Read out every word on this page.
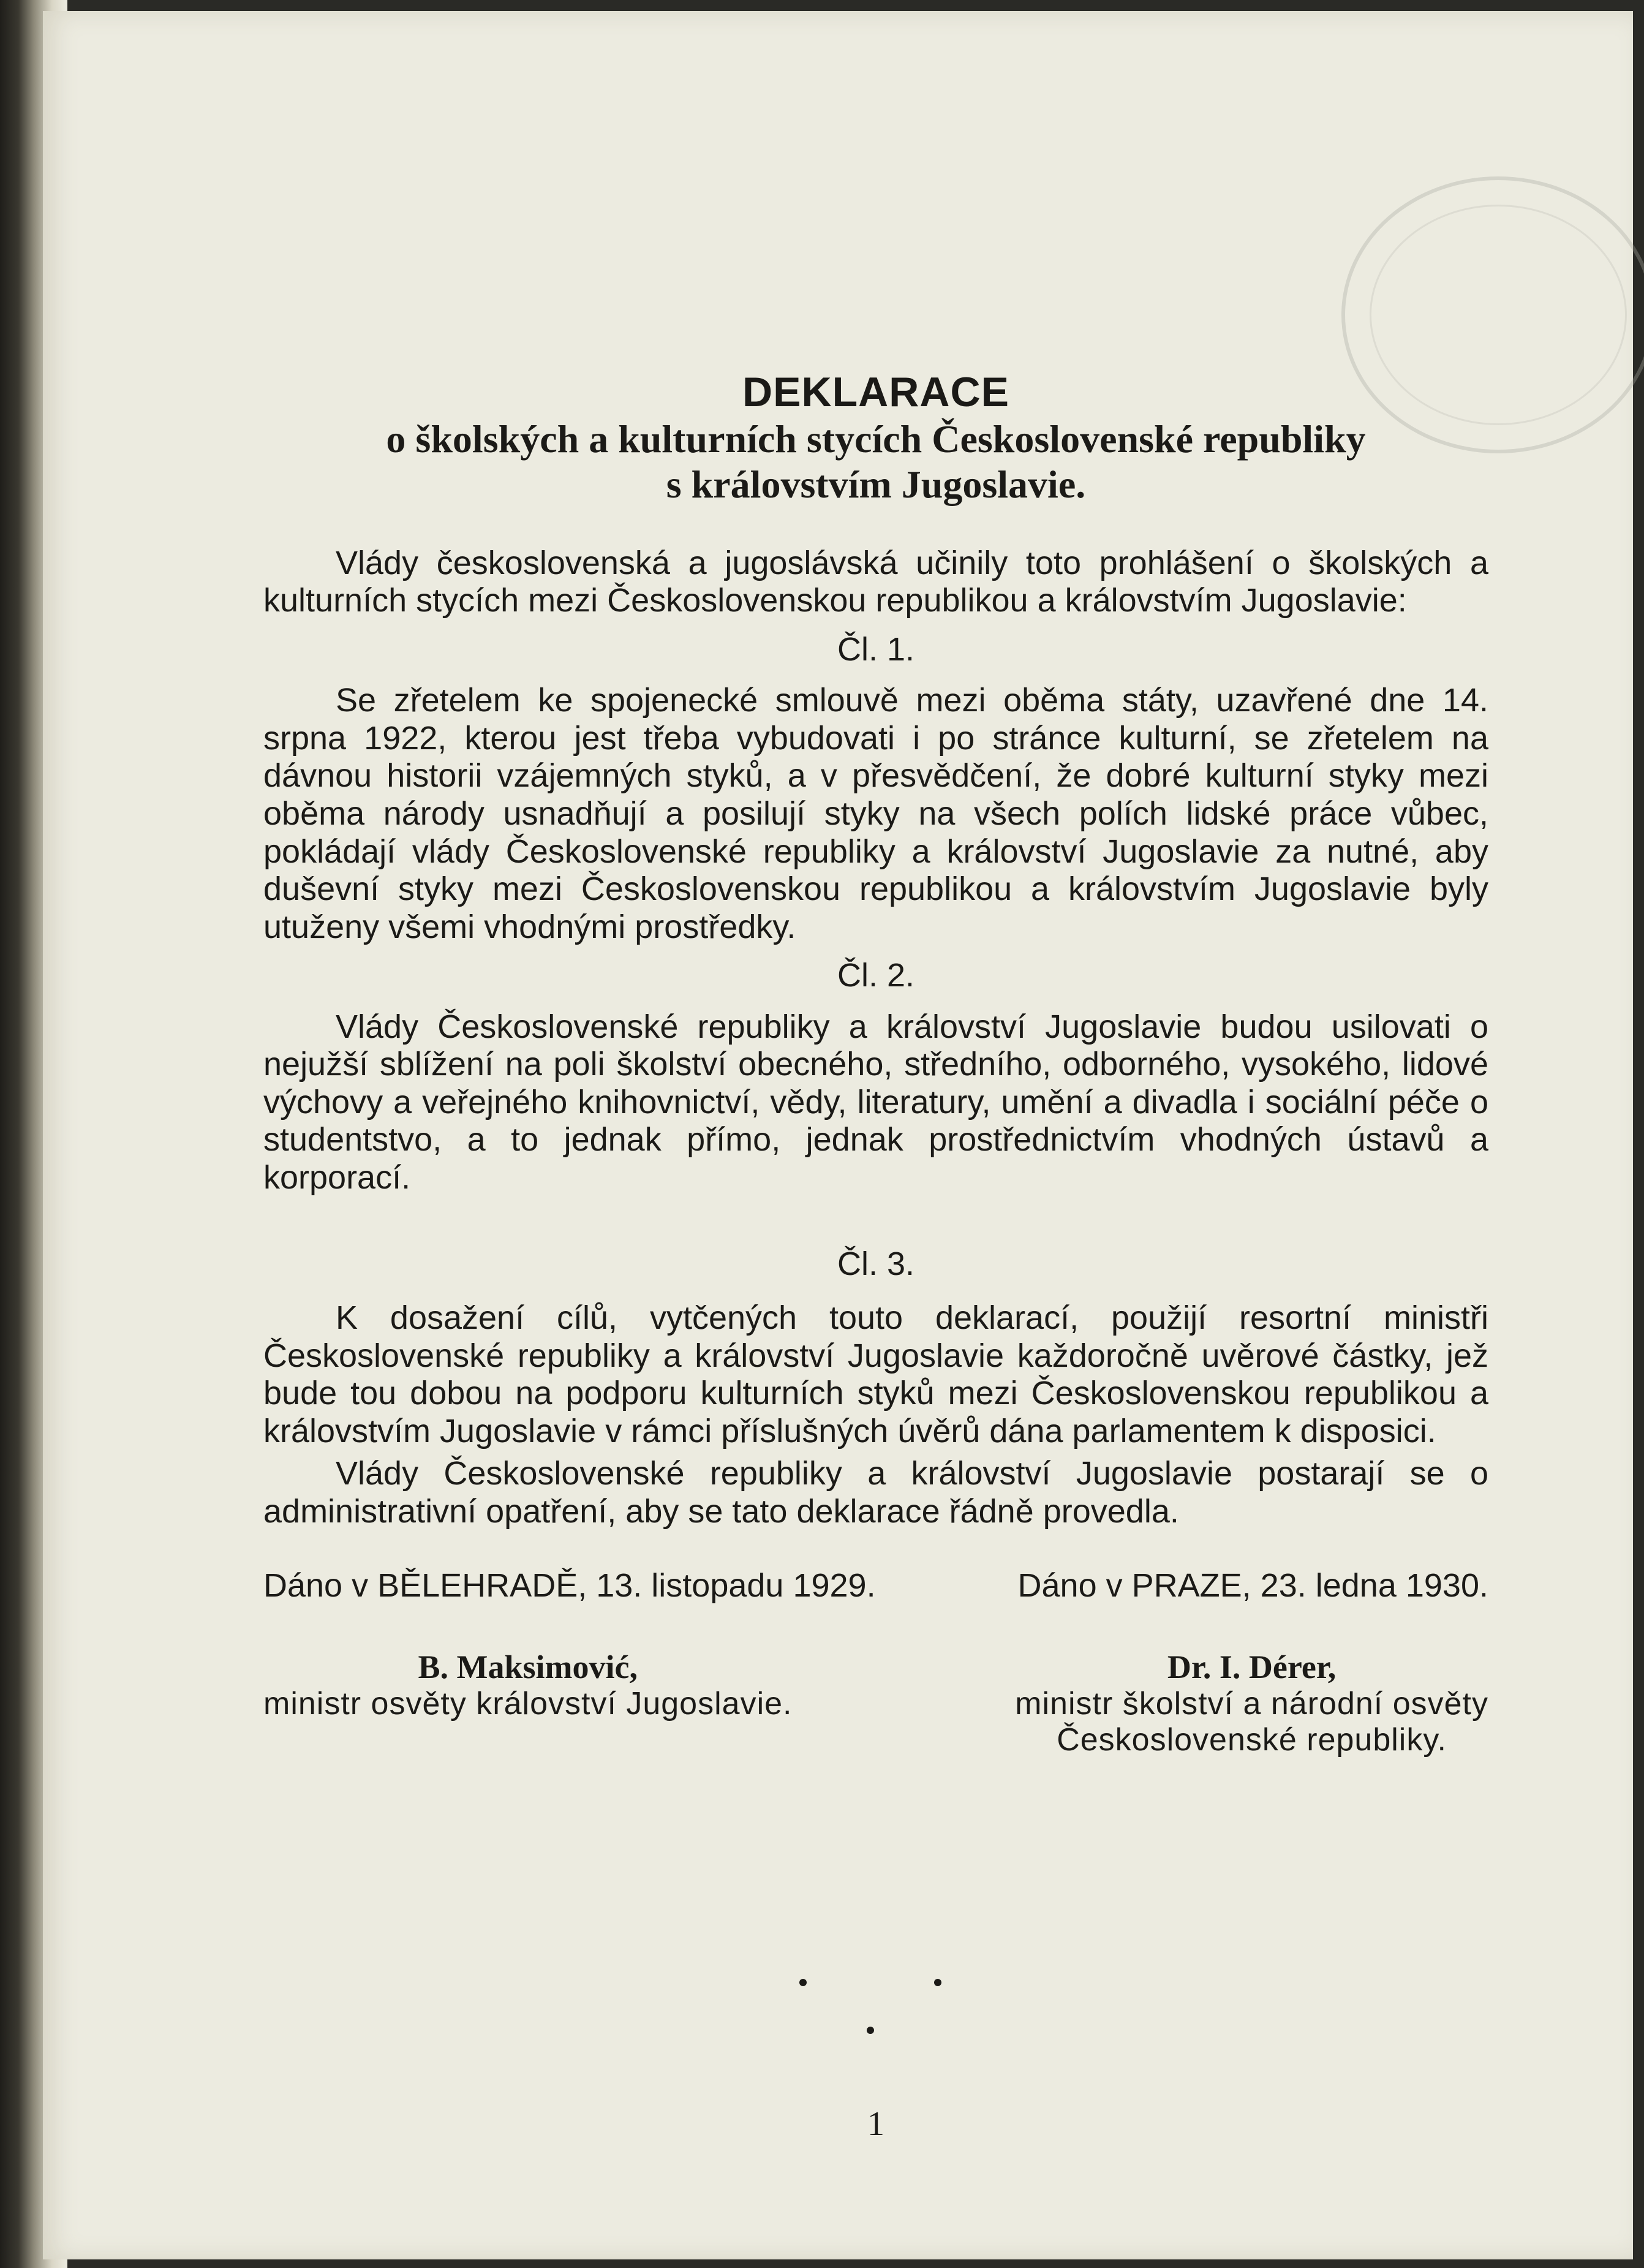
DEKLARACE

o školských a kulturních stycích Československé republiky

s královstvím Jugoslavie.

Vlády československá a jugoslávská učinily toto prohlášení o školských a kulturních stycích mezi Československou republikou a královstvím Jugoslavie:

Čl. 1.

Se zřetelem ke spojenecké smlouvě mezi oběma státy, uzavřené dne 14. srpna 1922, kterou jest třeba vybudovati i po stránce kulturní, se zřetelem na dávnou historii vzájemných styků, a v přesvědčení, že dobré kulturní styky mezi oběma národy usnadňují a posilují styky na všech polích lidské práce vůbec, pokládají vlády Československé republiky a království Jugoslavie za nutné, aby duševní styky mezi Československou republikou a královstvím Jugoslavie byly utuženy všemi vhodnými prostředky.

Čl. 2.

Vlády Československé republiky a království Jugoslavie budou usilovati o nejužší sblížení na poli školství obecného, středního, odborného, vysokého, lidové výchovy a veřejného knihovnictví, vědy, literatury, umění a divadla i sociální péče o studentstvo, a to jednak přímo, jednak prostřednictvím vhodných ústavů a korporací.

Čl. 3.

K dosažení cílů, vytčených touto deklarací, použijí resortní ministři Československé republiky a království Jugoslavie každoročně uvěrové částky, jež bude tou dobou na podporu kulturních styků mezi Československou republikou a královstvím Jugoslavie v rámci příslušných úvěrů dána parlamentem k disposici.

Vlády Československé republiky a království Jugoslavie postarají se o administrativní opatření, aby se tato deklarace řádně provedla.

Dáno v BĚLEHRADĚ, 13. listopadu 1929.	Dáno v PRAZE, 23. ledna 1930.
B. Maksimović,
ministr osvěty království Jugoslavie.
Dr. I. Dérer,
ministr školství a národní osvěty
Československé republiky.
1
